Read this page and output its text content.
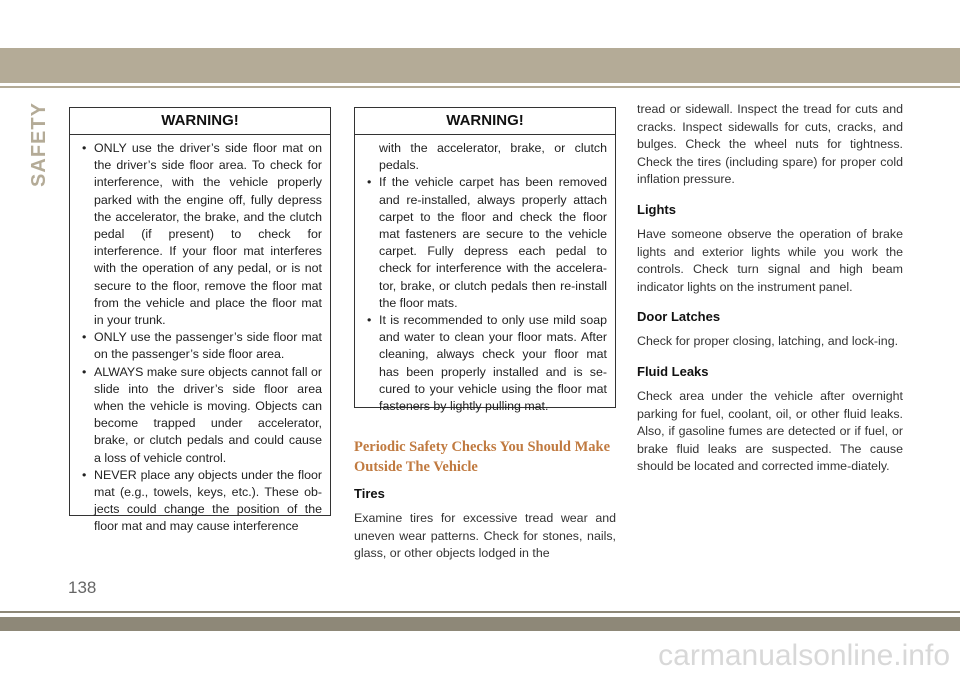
SAFETY	WARNING!

• ONLY use the driver’s side floor mat on the driver’s side floor area. To check for interference, with the vehicle properly parked with the engine off, fully depress the accelerator, the brake, and the clutch pedal (if present) to check for interference. If your floor mat interferes with the operation of any pedal, or is not secure to the floor, remove the floor mat from the vehicle and place the floor mat in your trunk.

• ONLY use the passenger’s side floor mat on the passenger’s side floor area.

• ALWAYS make sure objects cannot fall or slide into the driver’s side floor area when the vehicle is moving. Objects can become trapped under accelerator, brake, or clutch pedals and could cause a loss of vehicle control.

• NEVER place any objects under the floor mat (e.g., towels, keys, etc.). These ob-jects could change the position of the floor mat and may cause interference

WARNING!

with the accelerator, brake, or clutch pedals.

• If the vehicle carpet has been removed and re-installed, always properly attach carpet to the floor and check the floor mat fasteners are secure to the vehicle carpet. Fully depress each pedal to check for interference with the accelera-tor, brake, or clutch pedals then re-install the floor mats.

• It is recommended to only use mild soap and water to clean your floor mats. After cleaning, always check your floor mat has been properly installed and is se-cured to your vehicle using the floor mat fasteners by lightly pulling mat.

Periodic Safety Checks You Should Make Outside The Vehicle
Tires

Examine tires for excessive tread wear and uneven wear patterns. Check for stones, nails, glass, or other objects lodged in the

tread or sidewall. Inspect the tread for cuts and cracks. Inspect sidewalls for cuts, cracks, and bulges. Check the wheel nuts for tightness. Check the tires (including spare) for proper cold inflation pressure.

Lights

Have someone observe the operation of brake lights and exterior lights while you work the controls. Check turn signal and high beam indicator lights on the instrument panel.

Door Latches

Check for proper closing, latching, and lock-ing.

Fluid Leaks

Check area under the vehicle after overnight parking for fuel, coolant, oil, or other fluid leaks. Also, if gasoline fumes are detected or if fuel, or brake fluid leaks are suspected. The cause should be located and corrected imme-diately.

138
carmanualsonline.info
